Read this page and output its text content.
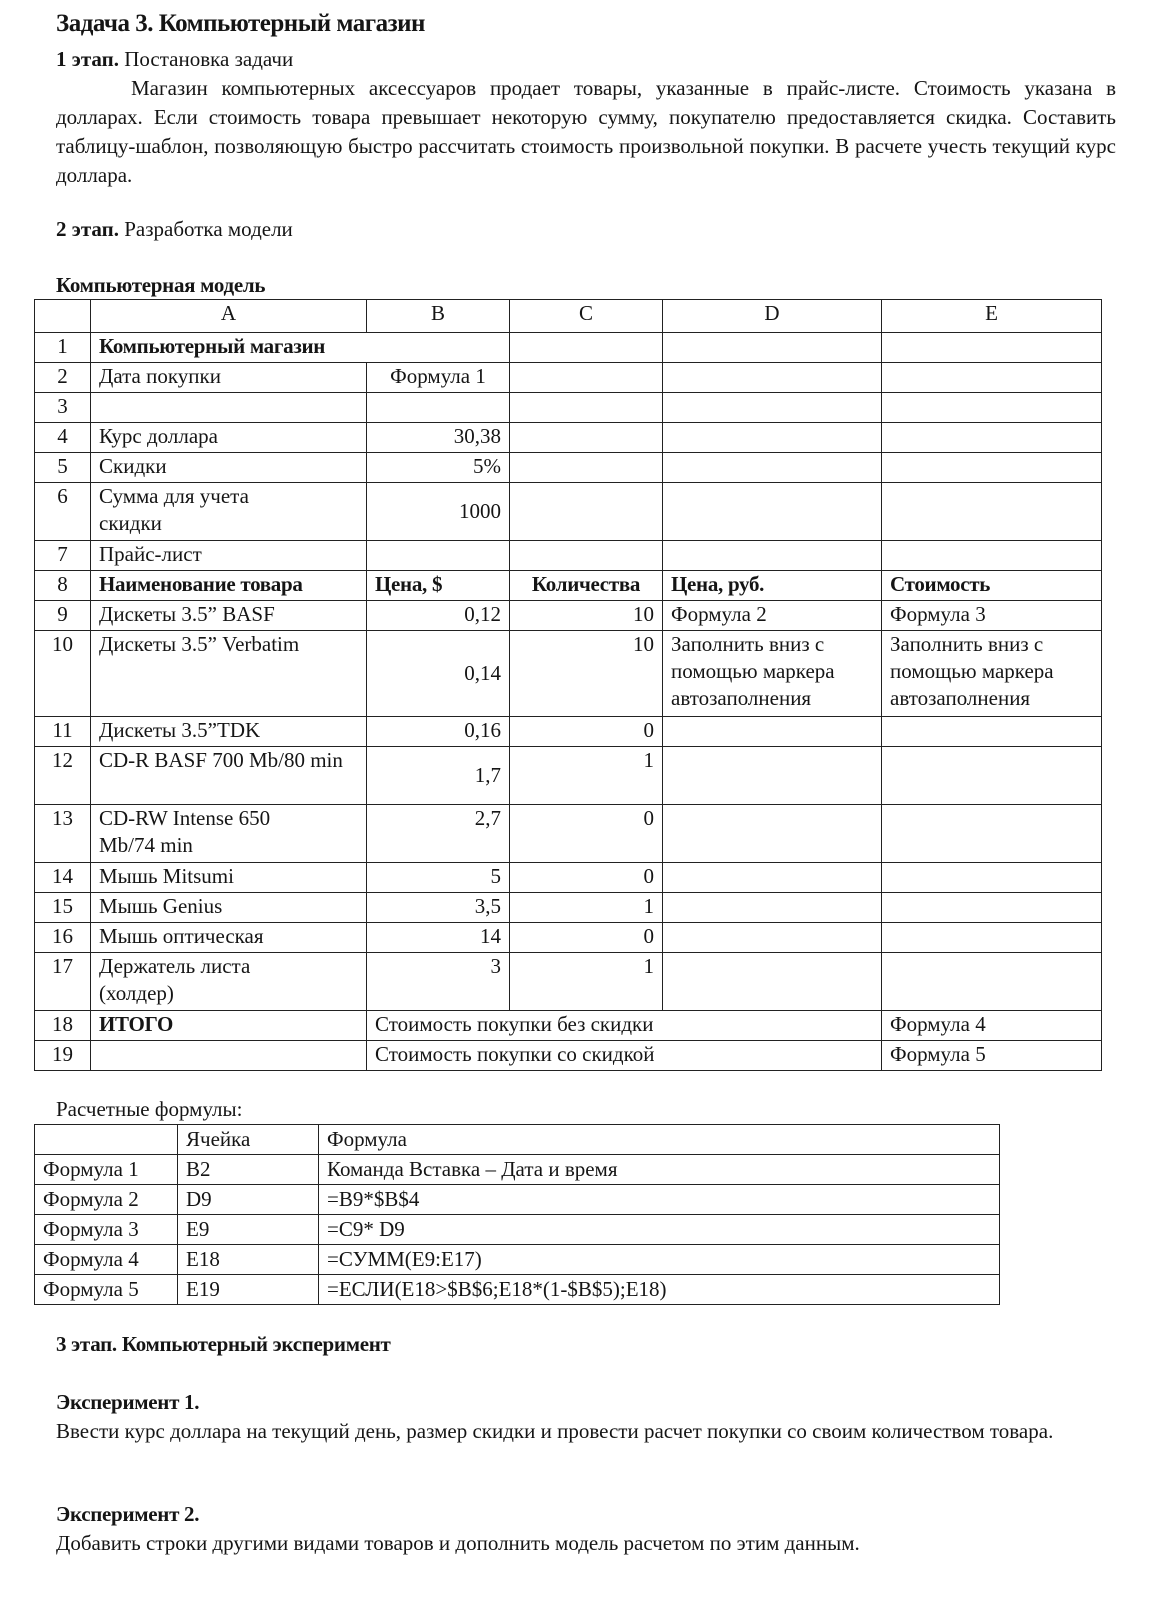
Задача 3. Компьютерный магазин
1 этап. Постановка задачи
Магазин компьютерных аксессуаров продает товары, указанные в прайс-листе. Стоимость указана в долларах. Если стоимость товара превышает некоторую сумму, покупателю предоставляется скидка. Составить таблицу-шаблон, позволяющую быстро рассчитать стоимость произвольной покупки. В расчете учесть текущий курс доллара.
2 этап. Разработка модели
Компьютерная модель
	A	B	C	D	E
1	Компьютерный магазин				
2	Дата покупки	Формула 1			
3					
4	Курс доллара	30,38			
5	Скидки	5%			
6	Сумма для учета скидки	1000			
7	Прайс-лист				
8	Наименование товара	Цена, $	Количества	Цена, руб.	Стоимость
9	Дискеты 3.5” BASF	0,12	10	Формула 2	Формула 3
10	Дискеты 3.5” Verbatim	0,14	10	Заполнить вниз с помощью маркера автозаполнения	Заполнить вниз с помощью маркера автозаполнения
11	Дискеты 3.5”TDK	0,16	0		
12	CD-R BASF 700 Mb/80 min	1,7	1		
13	CD-RW Intense 650 Mb/74 min	2,7	0		
14	Мышь Mitsumi	5	0		
15	Мышь Genius	3,5	1		
16	Мышь оптическая	14	0		
17	Держатель листа (холдер)	3	1		
18	ИТОГО	Стоимость покупки без скидки			Формула 4
19		Стоимость покупки со скидкой			Формула 5
Расчетные формулы:
	Ячейка	Формула
Формула 1	B2	Команда Вставка – Дата и время
Формула 2	D9	=B9*$B$4
Формула 3	E9	=C9* D9
Формула 4	E18	=СУММ(E9:E17)
Формула 5	E19	=ЕСЛИ(E18>$B$6;E18*(1-$B$5);E18)
3 этап. Компьютерный эксперимент
Эксперимент 1.
Ввести курс доллара на текущий день, размер скидки и провести расчет покупки со своим количеством товара.
Эксперимент 2.
Добавить строки другими видами товаров и дополнить модель расчетом по этим данным.
